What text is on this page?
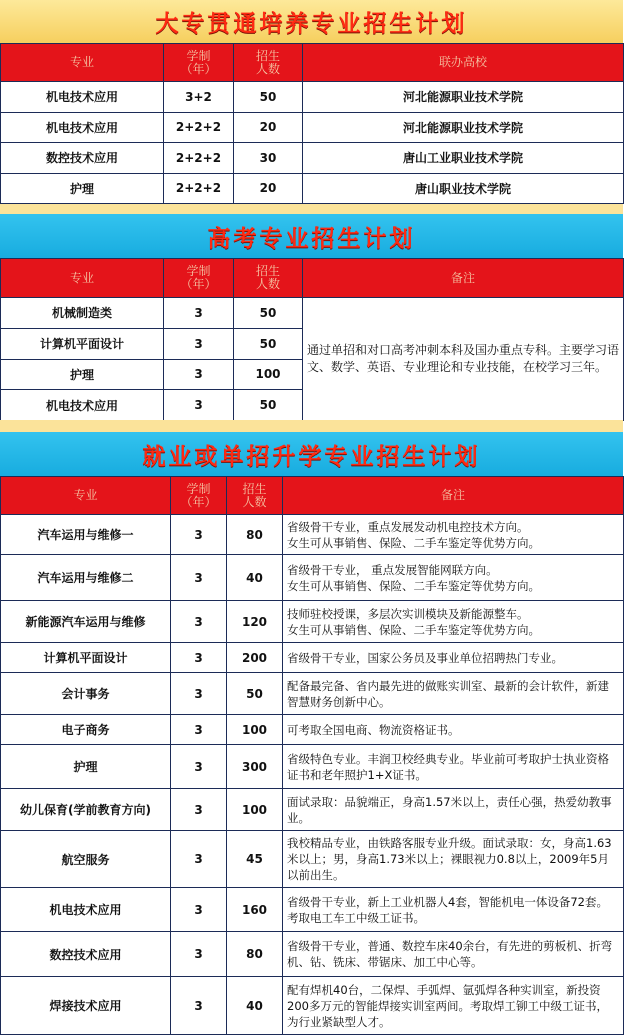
大专贯通培养专业招生计划
专业	学制
（年）	招生
人数	联办高校
机电技术应用	3+2	50	河北能源职业技术学院
机电技术应用	2+2+2	20	河北能源职业技术学院
数控技术应用	2+2+2	30	唐山工业职业技术学院
护理	2+2+2	20	唐山职业技术学院
高考专业招生计划
专业	学制
（年）	招生
人数	备注
机械制造类	3	50	通过单招和对口高考冲刺本科及国办重点专科。主要学习语文、数学、英语、专业理论和专业技能，在校学习三年。
计算机平面设计	3	50	
护理	3	100	
机电技术应用	3	50	
就业或单招升学专业招生计划
专业	学制
（年）	招生
人数	备注
汽车运用与维修一	3	80	省级骨干专业，重点发展发动机电控技术方向。
女生可从事销售、保险、二手车鉴定等优势方向。
汽车运用与维修二	3	40	省级骨干专业， 重点发展智能网联方向。
女生可从事销售、保险、二手车鉴定等优势方向。
新能源汽车运用与维修	3	120	技师驻校授课，多层次实训模块及新能源整车。
女生可从事销售、保险、二手车鉴定等优势方向。
计算机平面设计	3	200	省级骨干专业，国家公务员及事业单位招聘热门专业。
会计事务	3	50	配备最完备、省内最先进的做账实训室、最新的会计软件，新建智慧财务创新中心。
电子商务	3	100	可考取全国电商、物流资格证书。
护理	3	300	省级特色专业。丰润卫校经典专业。毕业前可考取护士执业资格证书和老年照护1+X证书。
幼儿保育(学前教育方向)	3	100	面试录取：品貌端正，身高1.57米以上，责任心强，热爱幼教事业。
航空服务	3	45	我校精品专业，由铁路客服专业升级。面试录取：女，身高1.63米以上；男，身高1.73米以上；裸眼视力0.8以上，2009年5月以前出生。
机电技术应用	3	160	省级骨干专业，新上工业机器人4套，智能机电一体设备72套。考取电工车工中级工证书。
数控技术应用	3	80	省级骨干专业，普通、数控车床40余台，有先进的剪板机、折弯机、钻、铣床、带锯床、加工中心等。
焊接技术应用	3	40	配有焊机40台，二保焊、手弧焊、氩弧焊各种实训室，新投资200多万元的智能焊接实训室两间。考取焊工铆工中级工证书，为行业紧缺型人才。
